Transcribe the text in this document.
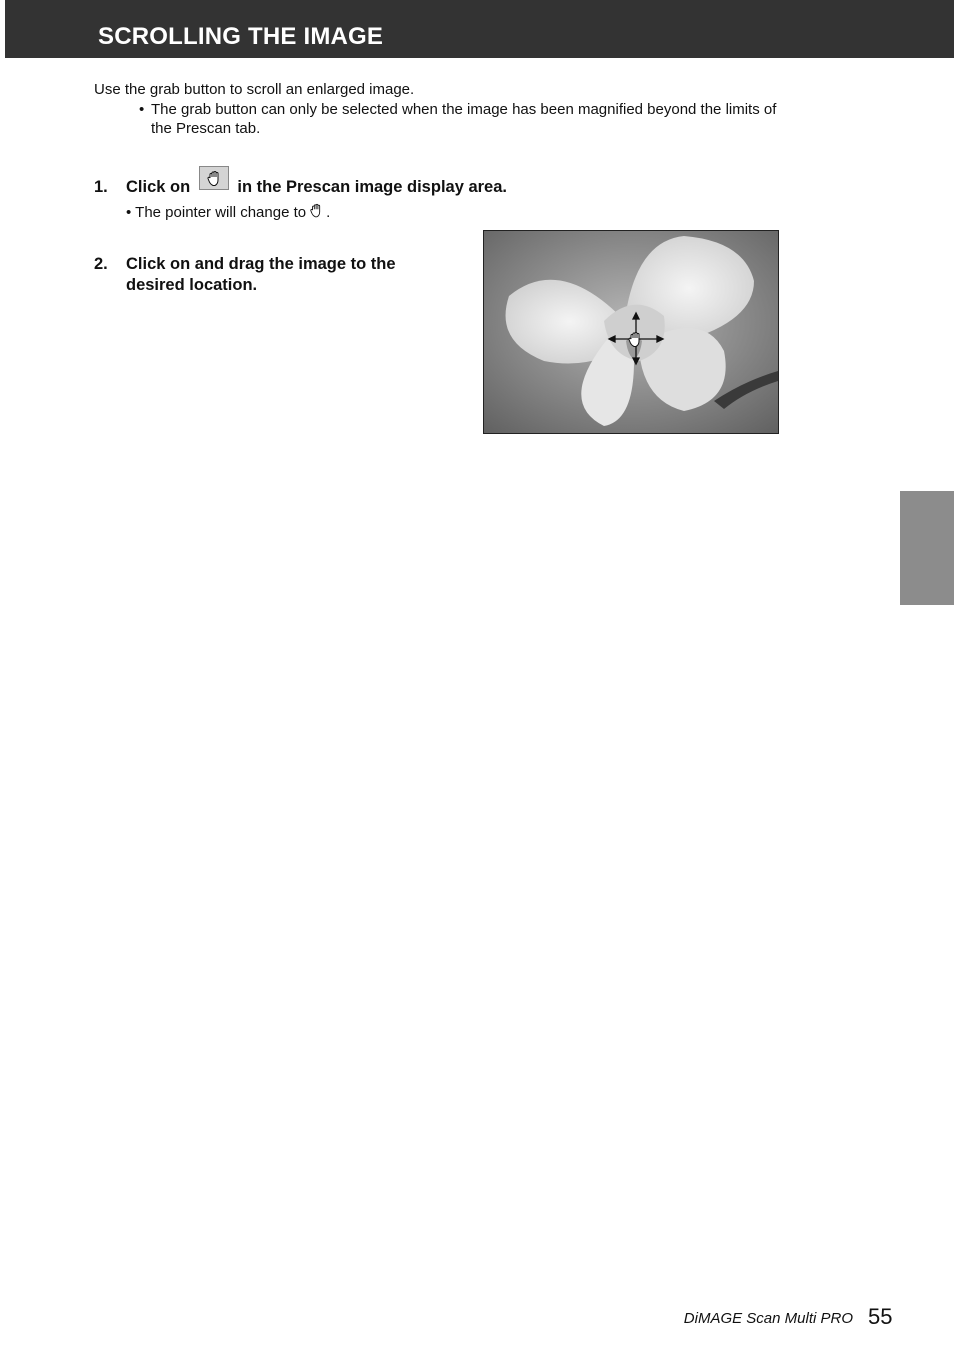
SCROLLING THE IMAGE
Use the grab button to scroll an enlarged image.
• The grab button can only be selected when the image has been magnified beyond the limits of the Prescan tab.
1. Click on	in the Prescan image display area.
• The pointer will change to .
2. Click on and drag the image to the desired location.
DiMAGE Scan Multi PRO 55
